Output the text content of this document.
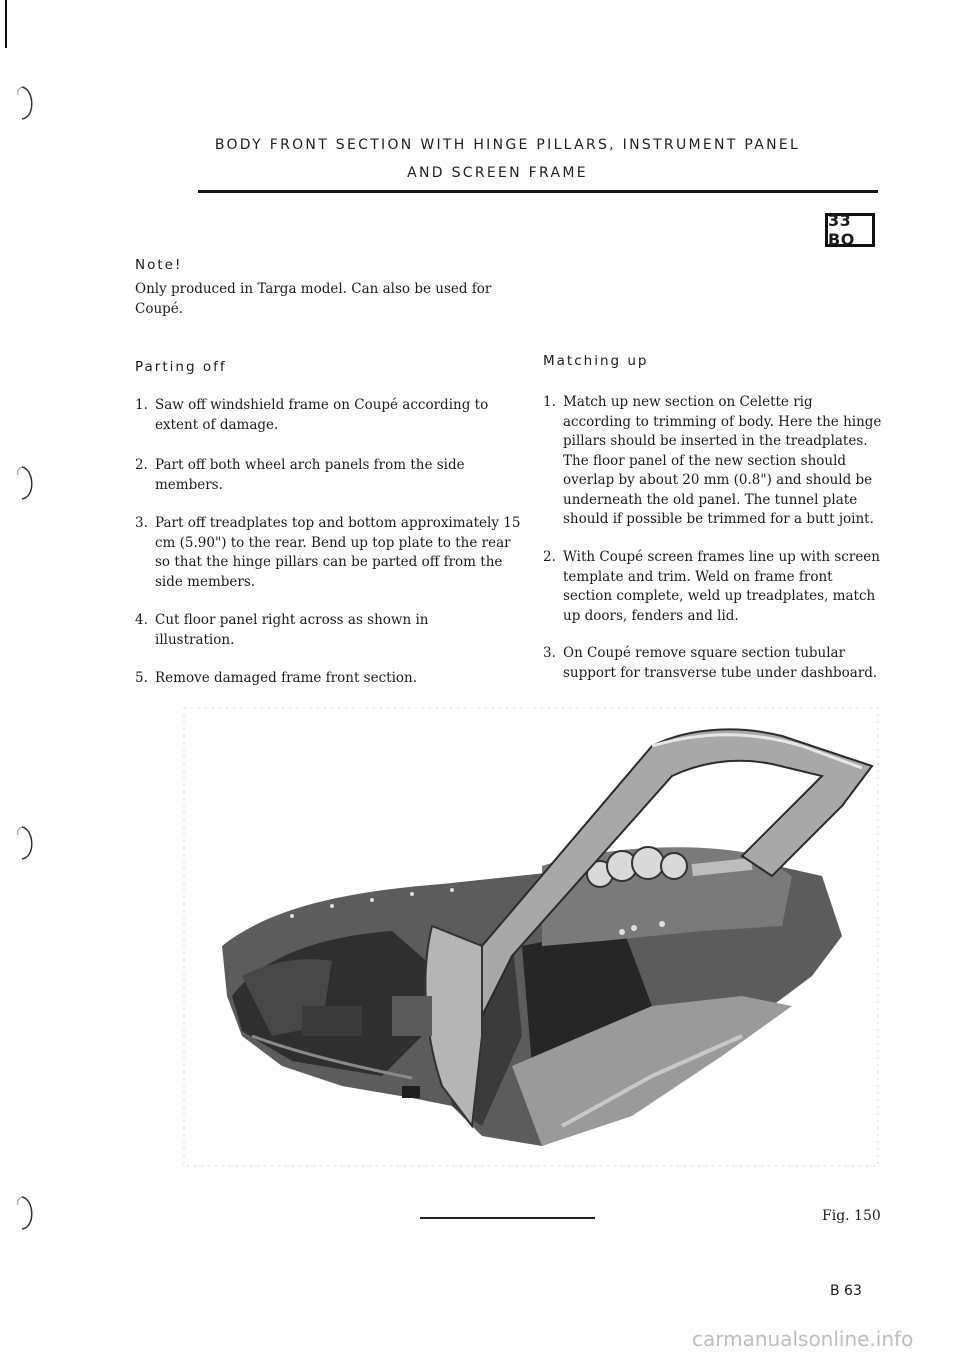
BODY FRONT SECTION WITH HINGE PILLARS, INSTRUMENT PANEL
AND SCREEN FRAME
33 BO
Note!
Only produced in Targa model. Can also be used for Coupé.
Parting off
1. Saw off windshield frame on Coupé according to extent of damage.
2. Part off both wheel arch panels from the side members.
3. Part off treadplates top and bottom approximately 15 cm (5.90") to the rear. Bend up top plate to the rear so that the hinge pillars can be parted off from the side members.
4. Cut floor panel right across as shown in illustration.
5. Remove damaged frame front section.
Matching up
1. Match up new section on Celette rig according to trimming of body. Here the hinge pillars should be inserted in the treadplates. The floor panel of the new section should overlap by about 20 mm (0.8") and should be underneath the old panel. The tunnel plate should if possible be trimmed for a butt joint.
2. With Coupé screen frames line up with screen template and trim. Weld on frame front section complete, weld up treadplates, match up doors, fenders and lid.
3. On Coupé remove square section tubular support for transverse tube under dashboard.
Fig. 150
B 63
carmanualsonline.info
